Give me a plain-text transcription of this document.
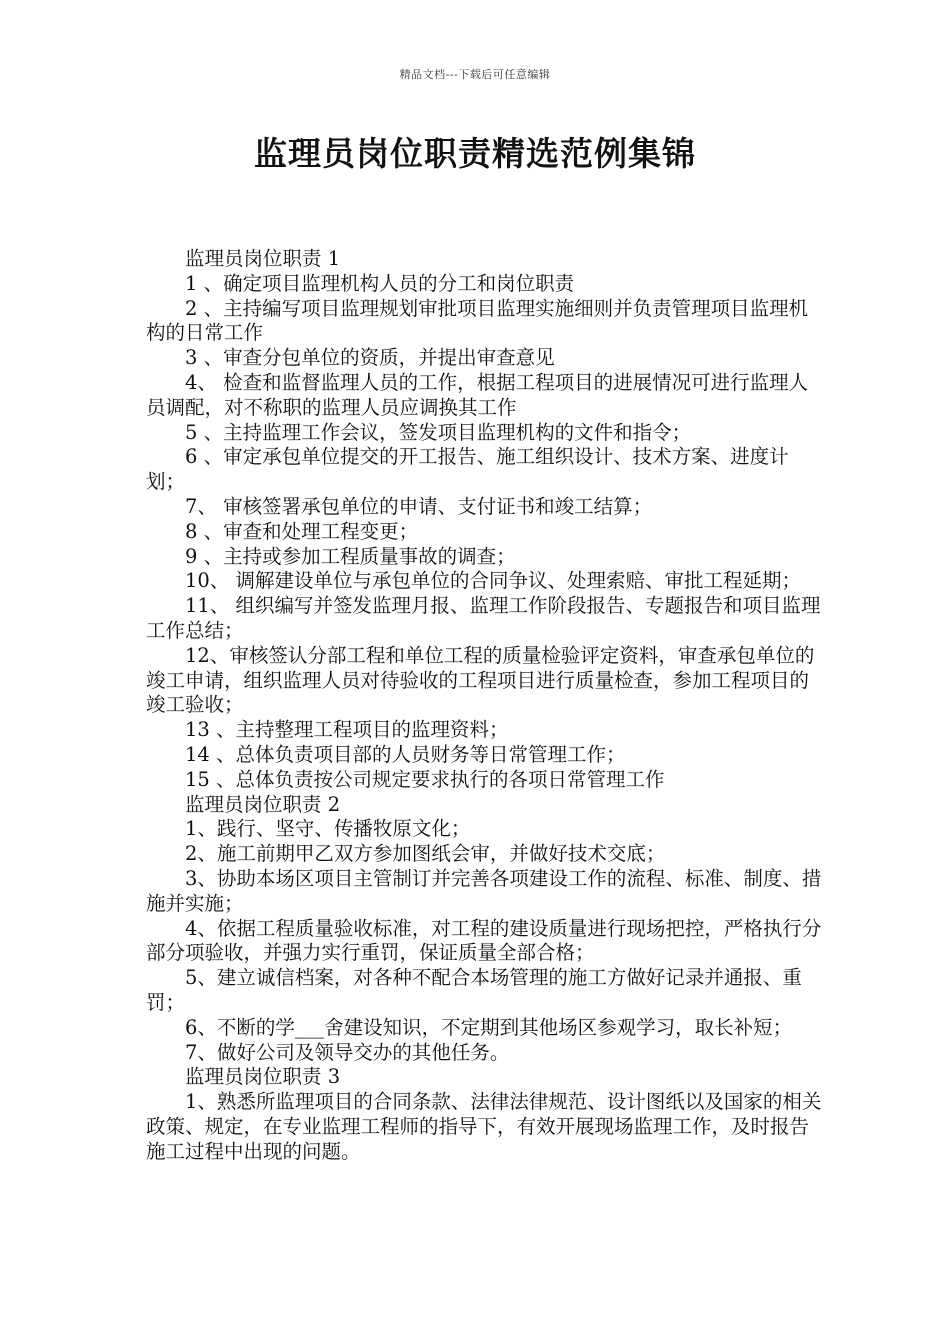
精品文档---下载后可任意编辑
监理员岗位职责精选范例集锦

监理员岗位职责 1

1 、确定项目监理机构人员的分工和岗位职责

2 、主持编写项目监理规划审批项目监理实施细则并负责管理项目监理机构的日常工作

3 、审查分包单位的资质，并提出审查意见

4、 检查和监督监理人员的工作，根据工程项目的进展情况可进行监理人员调配，对不称职的监理人员应调换其工作

5 、主持监理工作会议，签发项目监理机构的文件和指令；

6 、审定承包单位提交的开工报告、施工组织设计、技术方案、进度计划；

7、 审核签署承包单位的申请、支付证书和竣工结算；

8 、审查和处理工程变更；

9 、主持或参加工程质量事故的调查；

10、 调解建设单位与承包单位的合同争议、处理索赔、审批工程延期；

11、 组织编写并签发监理月报、监理工作阶段报告、专题报告和项目监理工作总结；

12、审核签认分部工程和单位工程的质量检验评定资料，审查承包单位的竣工申请，组织监理人员对待验收的工程项目进行质量检查，参加工程项目的竣工验收；

13 、主持整理工程项目的监理资料；

14 、总体负责项目部的人员财务等日常管理工作；

15 、总体负责按公司规定要求执行的各项日常管理工作

监理员岗位职责 2

1、践行、坚守、传播牧原文化；

2、施工前期甲乙双方参加图纸会审，并做好技术交底；

3、协助本场区项目主管制订并完善各项建设工作的流程、标准、制度、措施并实施；

4、依据工程质量验收标准，对工程的建设质量进行现场把控，严格执行分部分项验收，并强力实行重罚，保证质量全部合格；

5、建立诚信档案，对各种不配合本场管理的施工方做好记录并通报、重罚；

6、不断的学___舍建设知识，不定期到其他场区参观学习，取长补短；

7、做好公司及领导交办的其他任务。

监理员岗位职责 3

1、熟悉所监理项目的合同条款、法律法律规范、设计图纸以及国家的相关政策、规定，在专业监理工程师的指导下，有效开展现场监理工作，及时报告施工过程中出现的问题。
